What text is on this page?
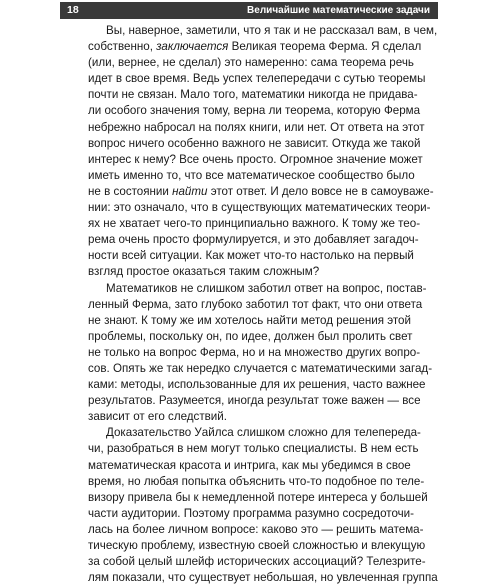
18	Величайшие математические задачи
Вы, наверное, заметили, что я так и не рассказал вам, в чем,
собственно, заключается Великая теорема Ферма. Я сделал
(или, вернее, не сделал) это намеренно: сама теорема речь
идет в свое время. Ведь успех телепередачи с сутью теоремы
почти не связан. Мало того, математики никогда не придава-
ли особого значения тому, верна ли теорема, которую Ферма
небрежно набросал на полях книги, или нет. От ответа на этот
вопрос ничего особенно важного не зависит. Откуда же такой
интерес к нему? Все очень просто. Огромное значение может
иметь именно то, что все математическое сообщество было
не в состоянии найти этот ответ. И дело вовсе не в самоуваже-
нии: это означало, что в существующих математических теори-
ях не хватает чего-то принципиально важного. К тому же тео-
рема очень просто формулируется, и это добавляет загадоч-
ности всей ситуации. Как может что-то настолько на первый
взгляд простое оказаться таким сложным?
Математиков не слишком заботил ответ на вопрос, постав-
ленный Ферма, зато глубоко заботил тот факт, что они ответа
не знают. К тому же им хотелось найти метод решения этой
проблемы, поскольку он, по идее, должен был пролить свет
не только на вопрос Ферма, но и на множество других вопро-
сов. Опять же так нередко случается с математическими загад-
ками: методы, использованные для их решения, часто важнее
результатов. Разумеется, иногда результат тоже важен — все
зависит от его следствий.
Доказательство Уайлса слишком сложно для телепереда-
чи, разобраться в нем могут только специалисты. В нем есть
математическая красота и интрига, как мы убедимся в свое
время, но любая попытка объяснить что-то подобное по теле-
визору привела бы к немедленной потере интереса у большей
части аудитории. Поэтому программа разумно сосредоточи-
лась на более личном вопросе: каково это — решить матема-
тическую проблему, известную своей сложностью и влекущую
за собой целый шлейф исторических ассоциаций? Телезрите-
лям показали, что существует небольшая, но увлеченная группа
